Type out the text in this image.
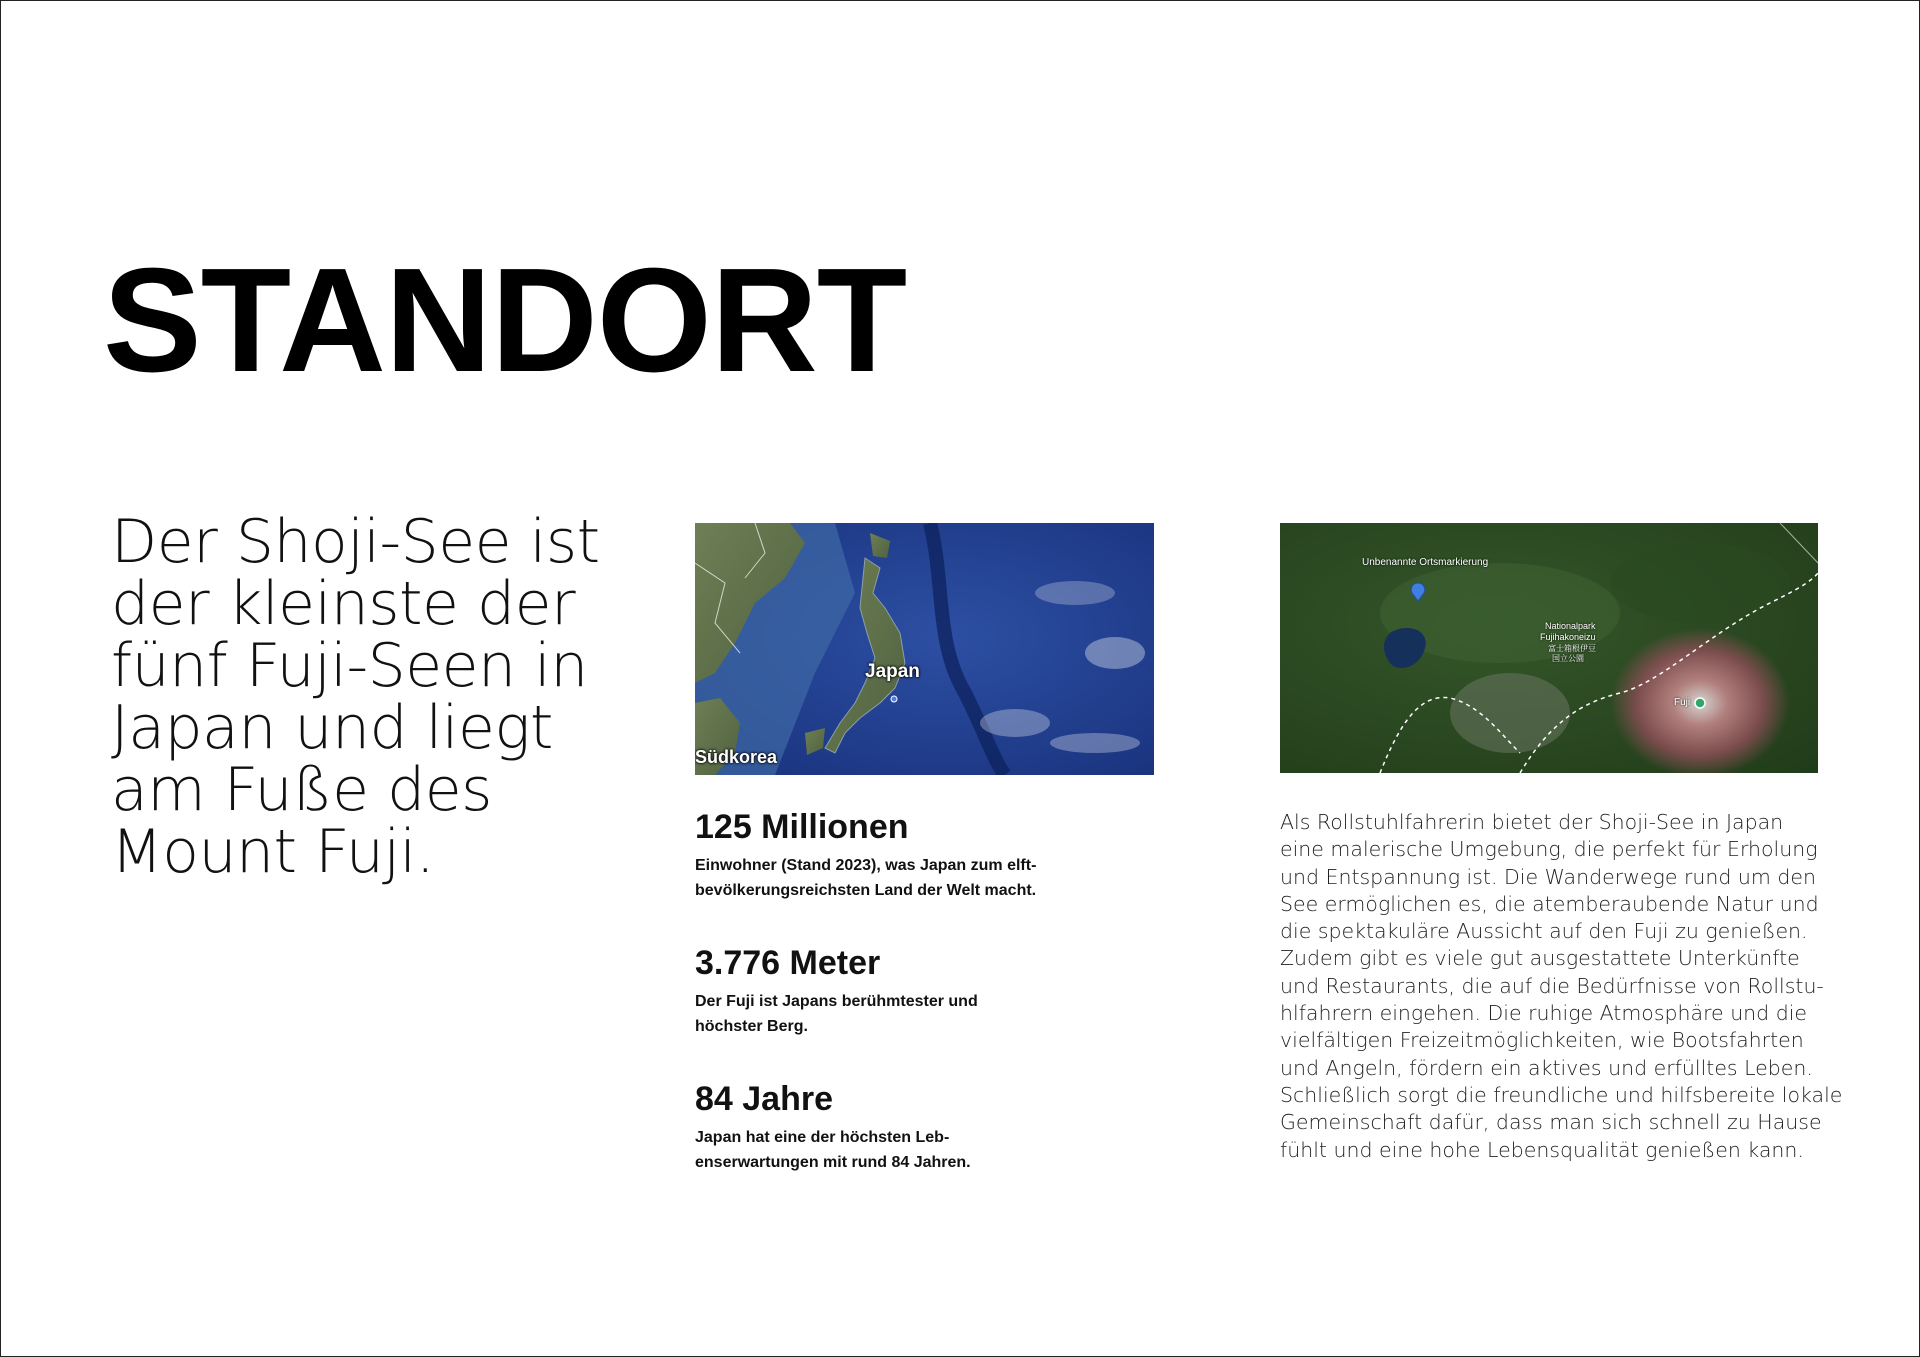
STANDORT
Der Shoji-See ist
der kleinste der
fünf Fuji-Seen in
Japan und liegt
am Fuße des
Mount Fuji.
Japan
Südkorea
Unbenannte Ortsmarkierung
Nationalpark
Fujihakoneizu
富士箱根伊豆
国立公園
Fuji
125 Millionen

Einwohner (Stand 2023), was Japan zum elft-
bevölkerungsreichsten Land der Welt macht.

3.776 Meter

Der Fuji ist Japans berühmtester und
höchster Berg.

84 Jahre

Japan hat eine der höchsten Leb-
enserwartungen mit rund 84 Jahren.

Als Rollstuhlfahrerin bietet der Shoji-See in Japan
eine malerische Umgebung, die perfekt für Erholung
und Entspannung ist. Die Wanderwege rund um den
See ermöglichen es, die atemberaubende Natur und
die spektakuläre Aussicht auf den Fuji zu genießen.
Zudem gibt es viele gut ausgestattete Unterkünfte
und Restaurants, die auf die Bedürfnisse von Rollstu-
hlfahrern eingehen. Die ruhige Atmosphäre und die
vielfältigen Freizeitmöglichkeiten, wie Bootsfahrten
und Angeln, fördern ein aktives und erfülltes Leben.
Schließlich sorgt die freundliche und hilfsbereite lokale
Gemeinschaft dafür, dass man sich schnell zu Hause
fühlt und eine hohe Lebensqualität genießen kann.
